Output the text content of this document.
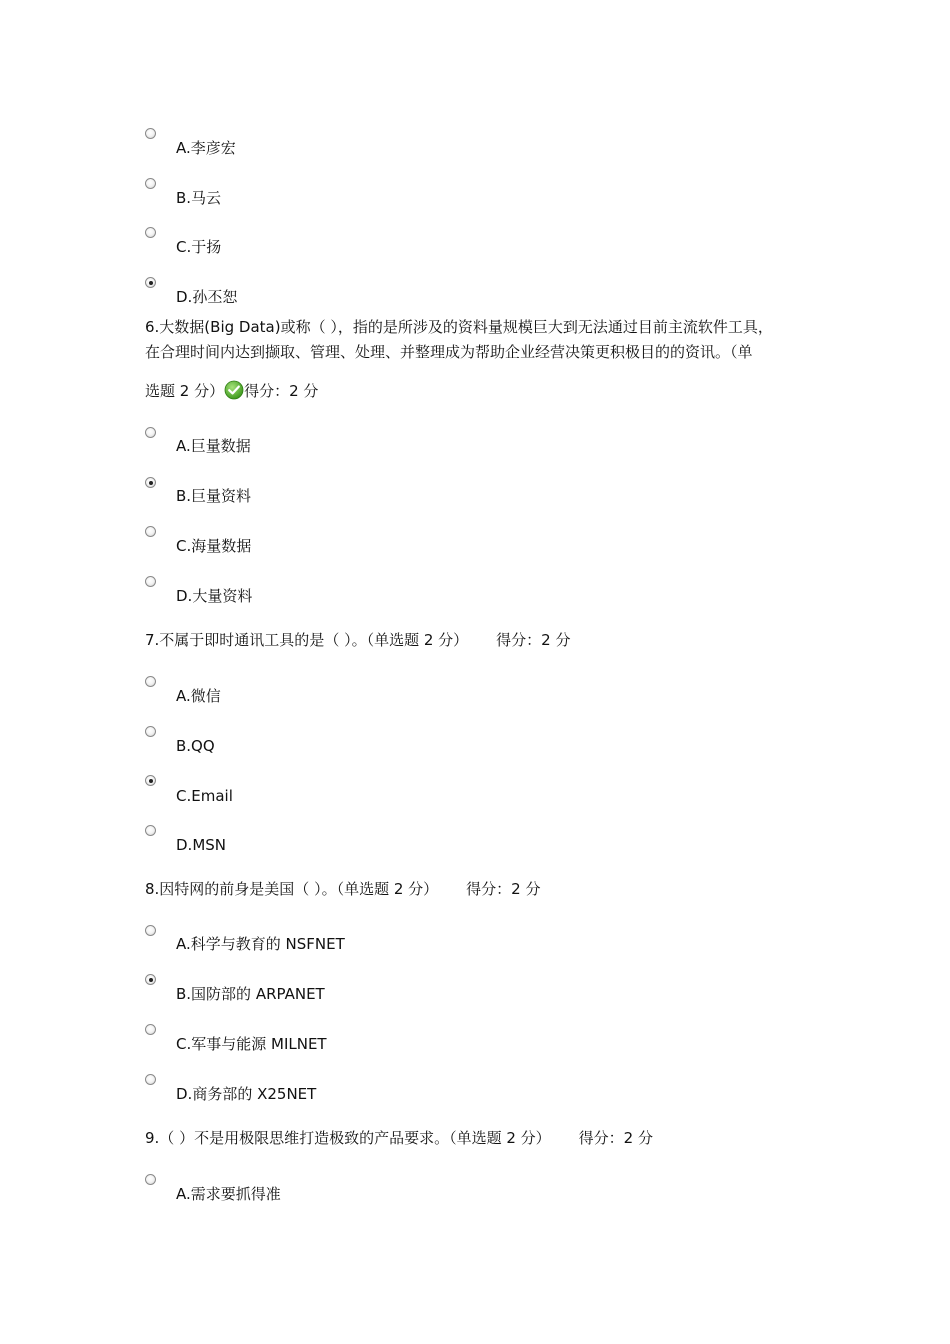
A.李彦宏
B.马云
C.于扬
D.孙丕恕
6.大数据(Big Data)或称（ ），指的是所涉及的资料量规模巨大到无法通过目前主流软件工具，
在合理时间内达到撷取、管理、处理、并整理成为帮助企业经营决策更积极目的的资讯。（单
选题 2 分） 得分：2 分
A.巨量数据
B.巨量资料
C.海量数据
D.大量资料
7.不属于即时通讯工具的是（ ）。（单选题 2 分） 得分：2 分
A.微信
B.QQ
C.Email
D.MSN
8.因特网的前身是美国（ ）。（单选题 2 分） 得分：2 分
A.科学与教育的 NSFNET
B.国防部的 ARPANET
C.军事与能源 MILNET
D.商务部的 X25NET
9.（ ）不是用极限思维打造极致的产品要求。（单选题 2 分） 得分：2 分
A.需求要抓得准
